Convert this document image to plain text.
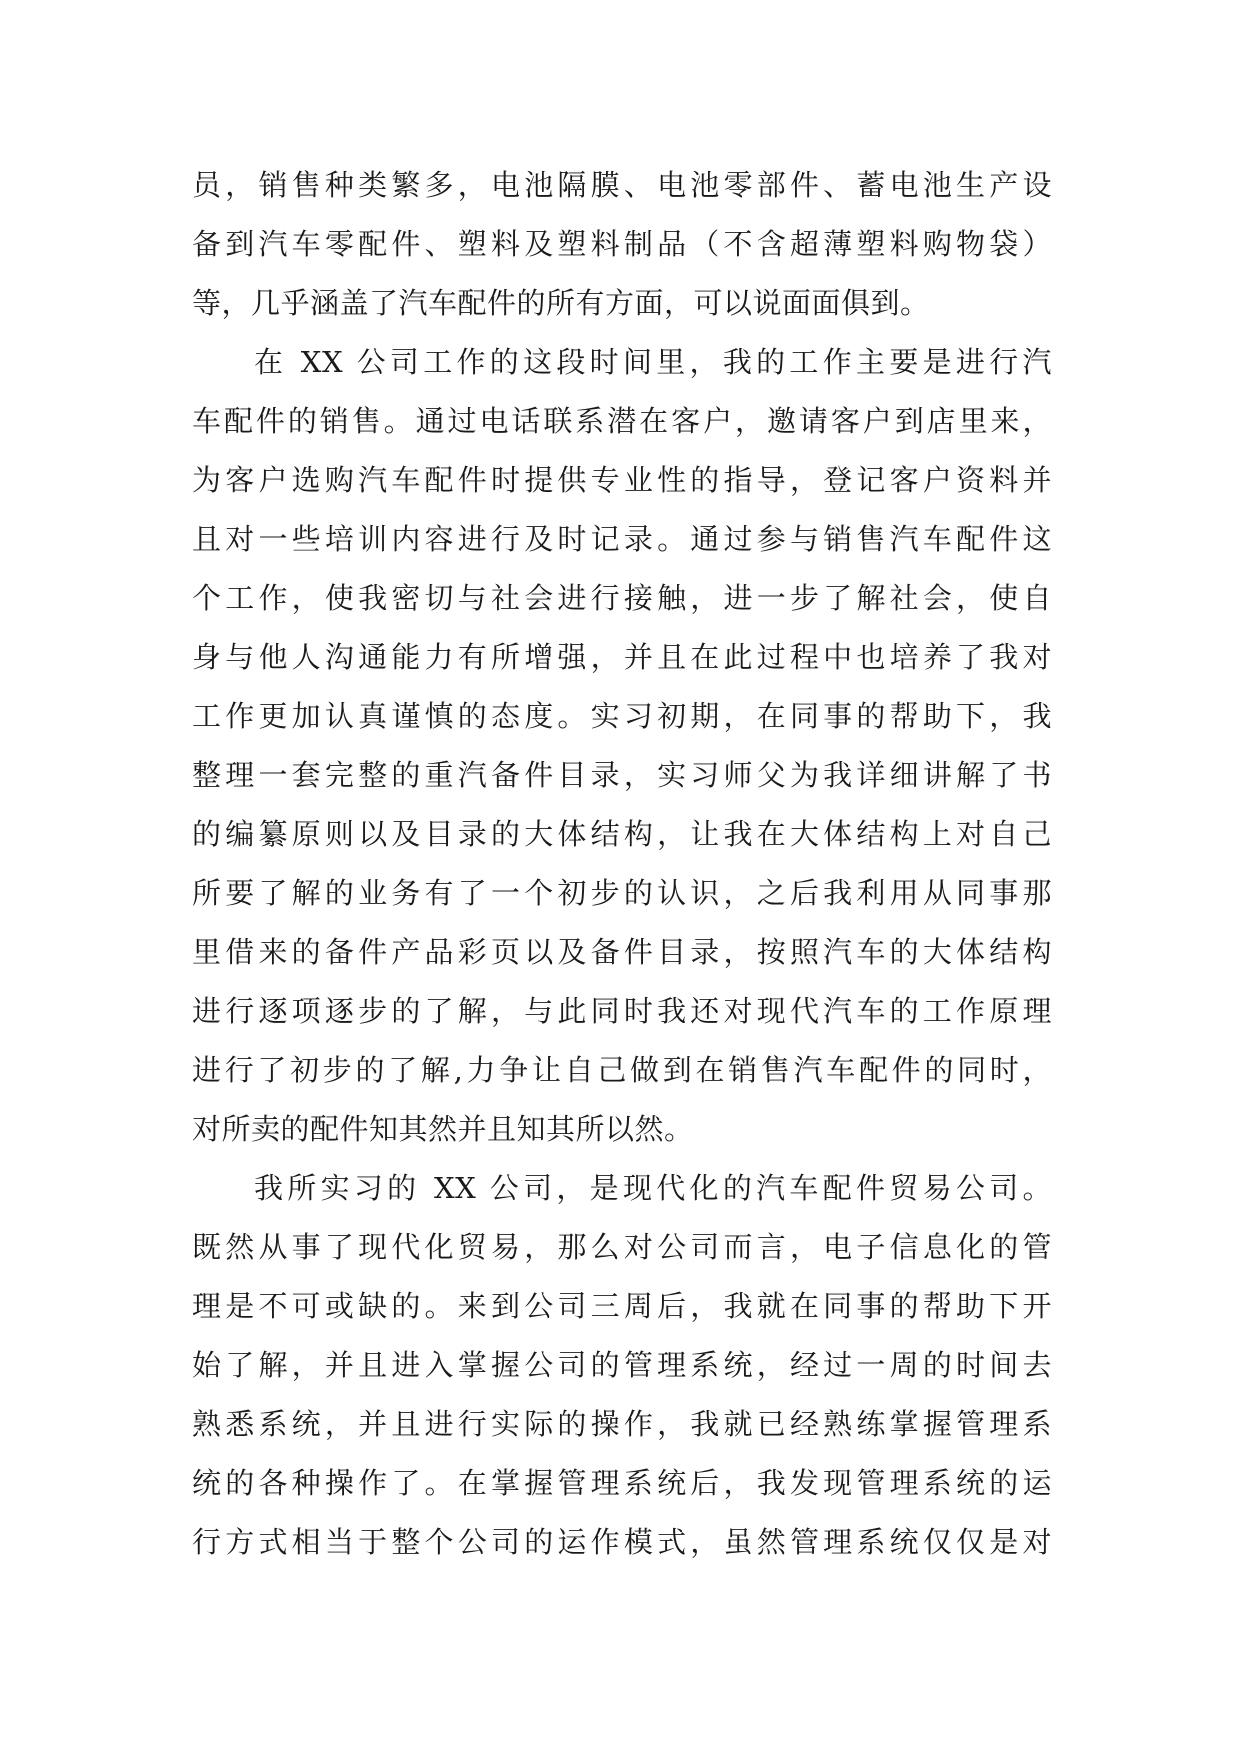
员，销售种类繁多，电池隔膜、电池零部件、蓄电池生产设
备到汽车零配件、塑料及塑料制品（不含超薄塑料购物袋）
等，几乎涵盖了汽车配件的所有方面，可以说面面俱到。
在 XX 公司工作的这段时间里，我的工作主要是进行汽
车配件的销售。通过电话联系潜在客户，邀请客户到店里来，
为客户选购汽车配件时提供专业性的指导，登记客户资料并
且对一些培训内容进行及时记录。通过参与销售汽车配件这
个工作，使我密切与社会进行接触，进一步了解社会，使自
身与他人沟通能力有所增强，并且在此过程中也培养了我对
工作更加认真谨慎的态度。实习初期，在同事的帮助下，我
整理一套完整的重汽备件目录，实习师父为我详细讲解了书
的编纂原则以及目录的大体结构，让我在大体结构上对自己
所要了解的业务有了一个初步的认识，之后我利用从同事那
里借来的备件产品彩页以及备件目录，按照汽车的大体结构
进行逐项逐步的了解，与此同时我还对现代汽车的工作原理
进行了初步的了解,力争让自己做到在销售汽车配件的同时，
对所卖的配件知其然并且知其所以然。
我所实习的 XX 公司，是现代化的汽车配件贸易公司。
既然从事了现代化贸易，那么对公司而言，电子信息化的管
理是不可或缺的。来到公司三周后，我就在同事的帮助下开
始了解，并且进入掌握公司的管理系统，经过一周的时间去
熟悉系统，并且进行实际的操作，我就已经熟练掌握管理系
统的各种操作了。在掌握管理系统后，我发现管理系统的运
行方式相当于整个公司的运作模式，虽然管理系统仅仅是对
